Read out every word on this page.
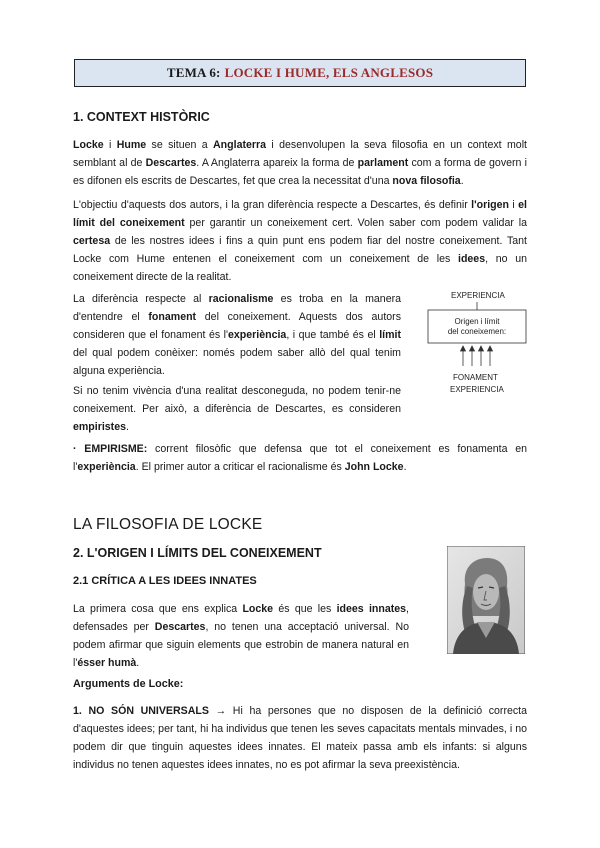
TEMA 6: LOCKE I HUME, ELS ANGLESOS
1. CONTEXT HISTÒRIC

Locke i Hume se situen a Anglaterra i desenvolupen la seva filosofia en un context molt semblant al de Descartes. A Anglaterra apareix la forma de parlament com a forma de govern i es difonen els escrits de Descartes, fet que crea la necessitat d'una nova filosofia.

L'objectiu d'aquests dos autors, i la gran diferència respecte a Descartes, és definir l'origen i el límit del coneixement per garantir un coneixement cert. Volen saber com podem validar la certesa de les nostres idees i fins a quin punt ens podem fiar del nostre coneixement. Tant Locke com Hume entenen el coneixement com un coneixement de les idees, no un coneixement directe de la realitat.

La diferència respecte al racionalisme es troba en la manera d'entendre el fonament del coneixement. Aquests dos autors consideren que el fonament és l'experiència, i que també és el límit del qual podem conèixer: només podem saber allò del qual tenim alguna experiència.

Si no tenim vivència d'una realitat desconeguda, no podem tenir-ne coneixement. Per això, a diferència de Descartes, es consideren empiristes.

· EMPIRISME: corrent filosòfic que defensa que tot el coneixement es fonamenta en l'experiència. El primer autor a criticar el racionalisme és John Locke.

EXPERIENCIA
Origen i límit
del coneixemen:
FONAMENT
EXPERIENCIA
LA FILOSOFIA DE LOCKE
2. L'ORIGEN I LÍMITS DEL CONEIXEMENT
2.1 CRÍTICA A LES IDEES INNATES

La primera cosa que ens explica Locke és que les idees innates, defensades per Descartes, no tenen una acceptació universal. No podem afirmar que siguin elements que estrobin de manera natural en l'ésser humà.

Arguments de Locke:

1. NO SÓN UNIVERSALS → Hi ha persones que no disposen de la definició correcta d'aquestes idees; per tant, hi ha individus que tenen les seves capacitats mentals minvades, i no podem dir que tinguin aquestes idees innates. El mateix passa amb els infants: si alguns individus no tenen aquestes idees innates, no es pot afirmar la seva preexistència.
